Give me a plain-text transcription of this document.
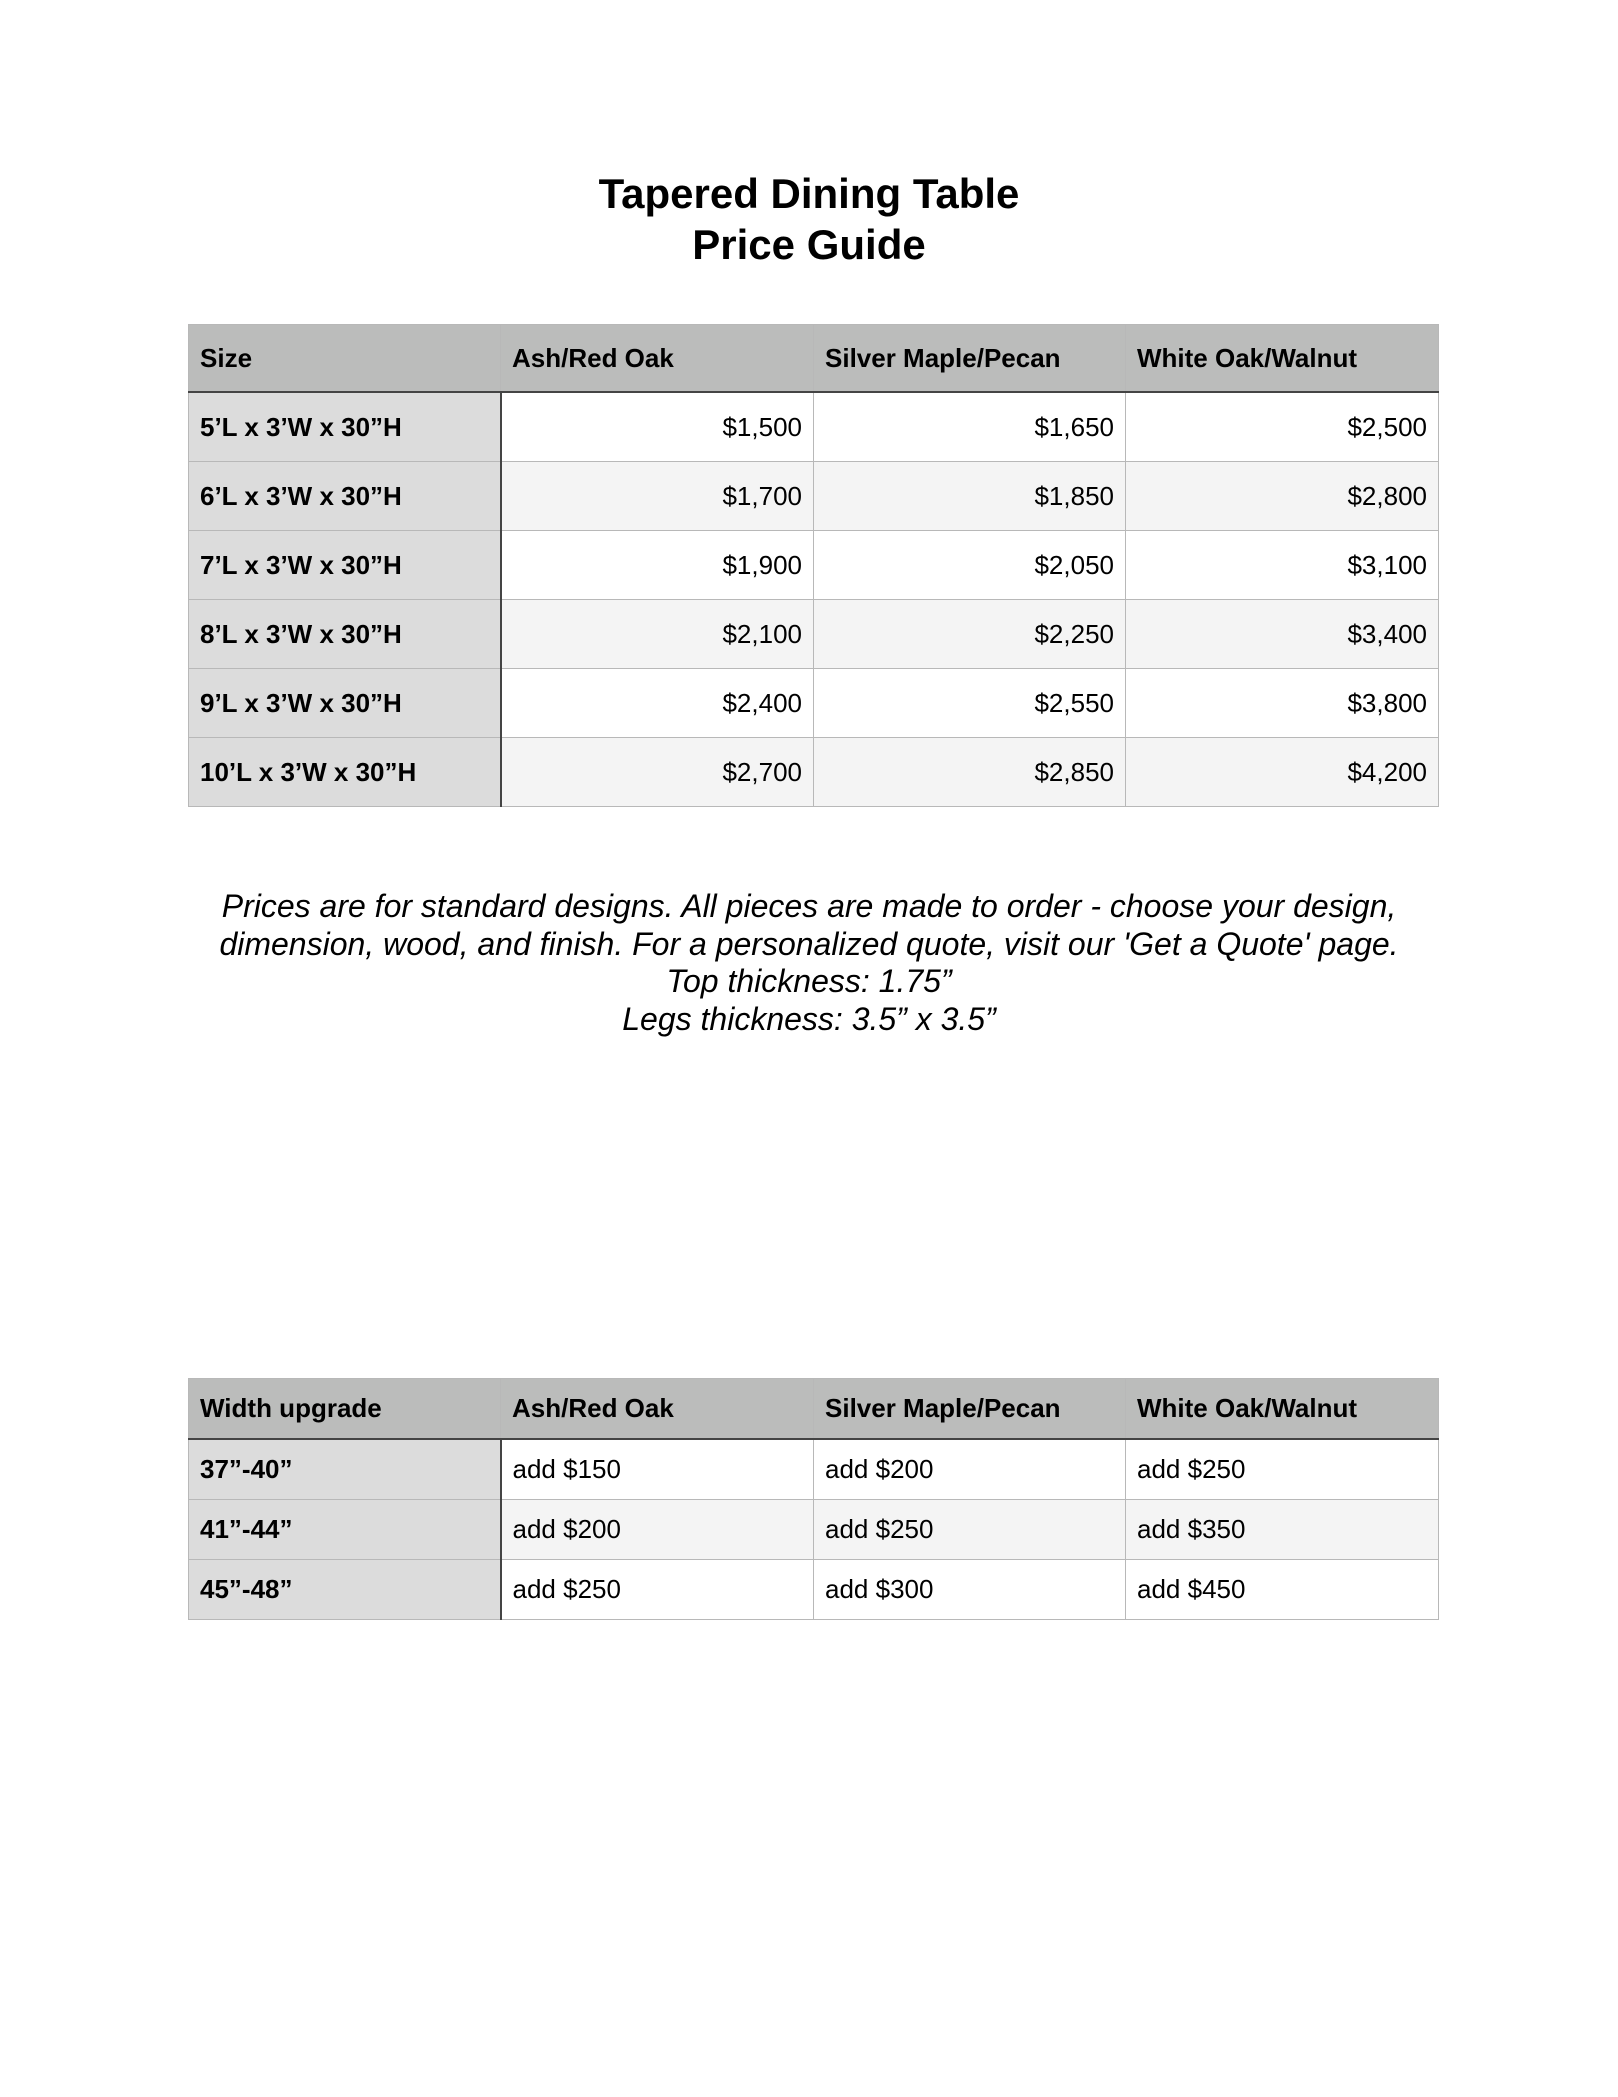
Tapered Dining Table
Price Guide
Size	Ash/Red Oak	Silver Maple/Pecan	White Oak/Walnut
5’L x 3’W x 30”H	$1,500	$1,650	$2,500
6’L x 3’W x 30”H	$1,700	$1,850	$2,800
7’L x 3’W x 30”H	$1,900	$2,050	$3,100
8’L x 3’W x 30”H	$2,100	$2,250	$3,400
9’L x 3’W x 30”H	$2,400	$2,550	$3,800
10’L x 3’W x 30”H	$2,700	$2,850	$4,200
Prices are for standard designs. All pieces are made to order - choose your design,
dimension, wood, and finish. For a personalized quote, visit our 'Get a Quote' page.
Top thickness: 1.75”
Legs thickness: 3.5” x 3.5”
Width upgrade	Ash/Red Oak	Silver Maple/Pecan	White Oak/Walnut
37”-40”	add $150	add $200	add $250
41”-44”	add $200	add $250	add $350
45”-48”	add $250	add $300	add $450
